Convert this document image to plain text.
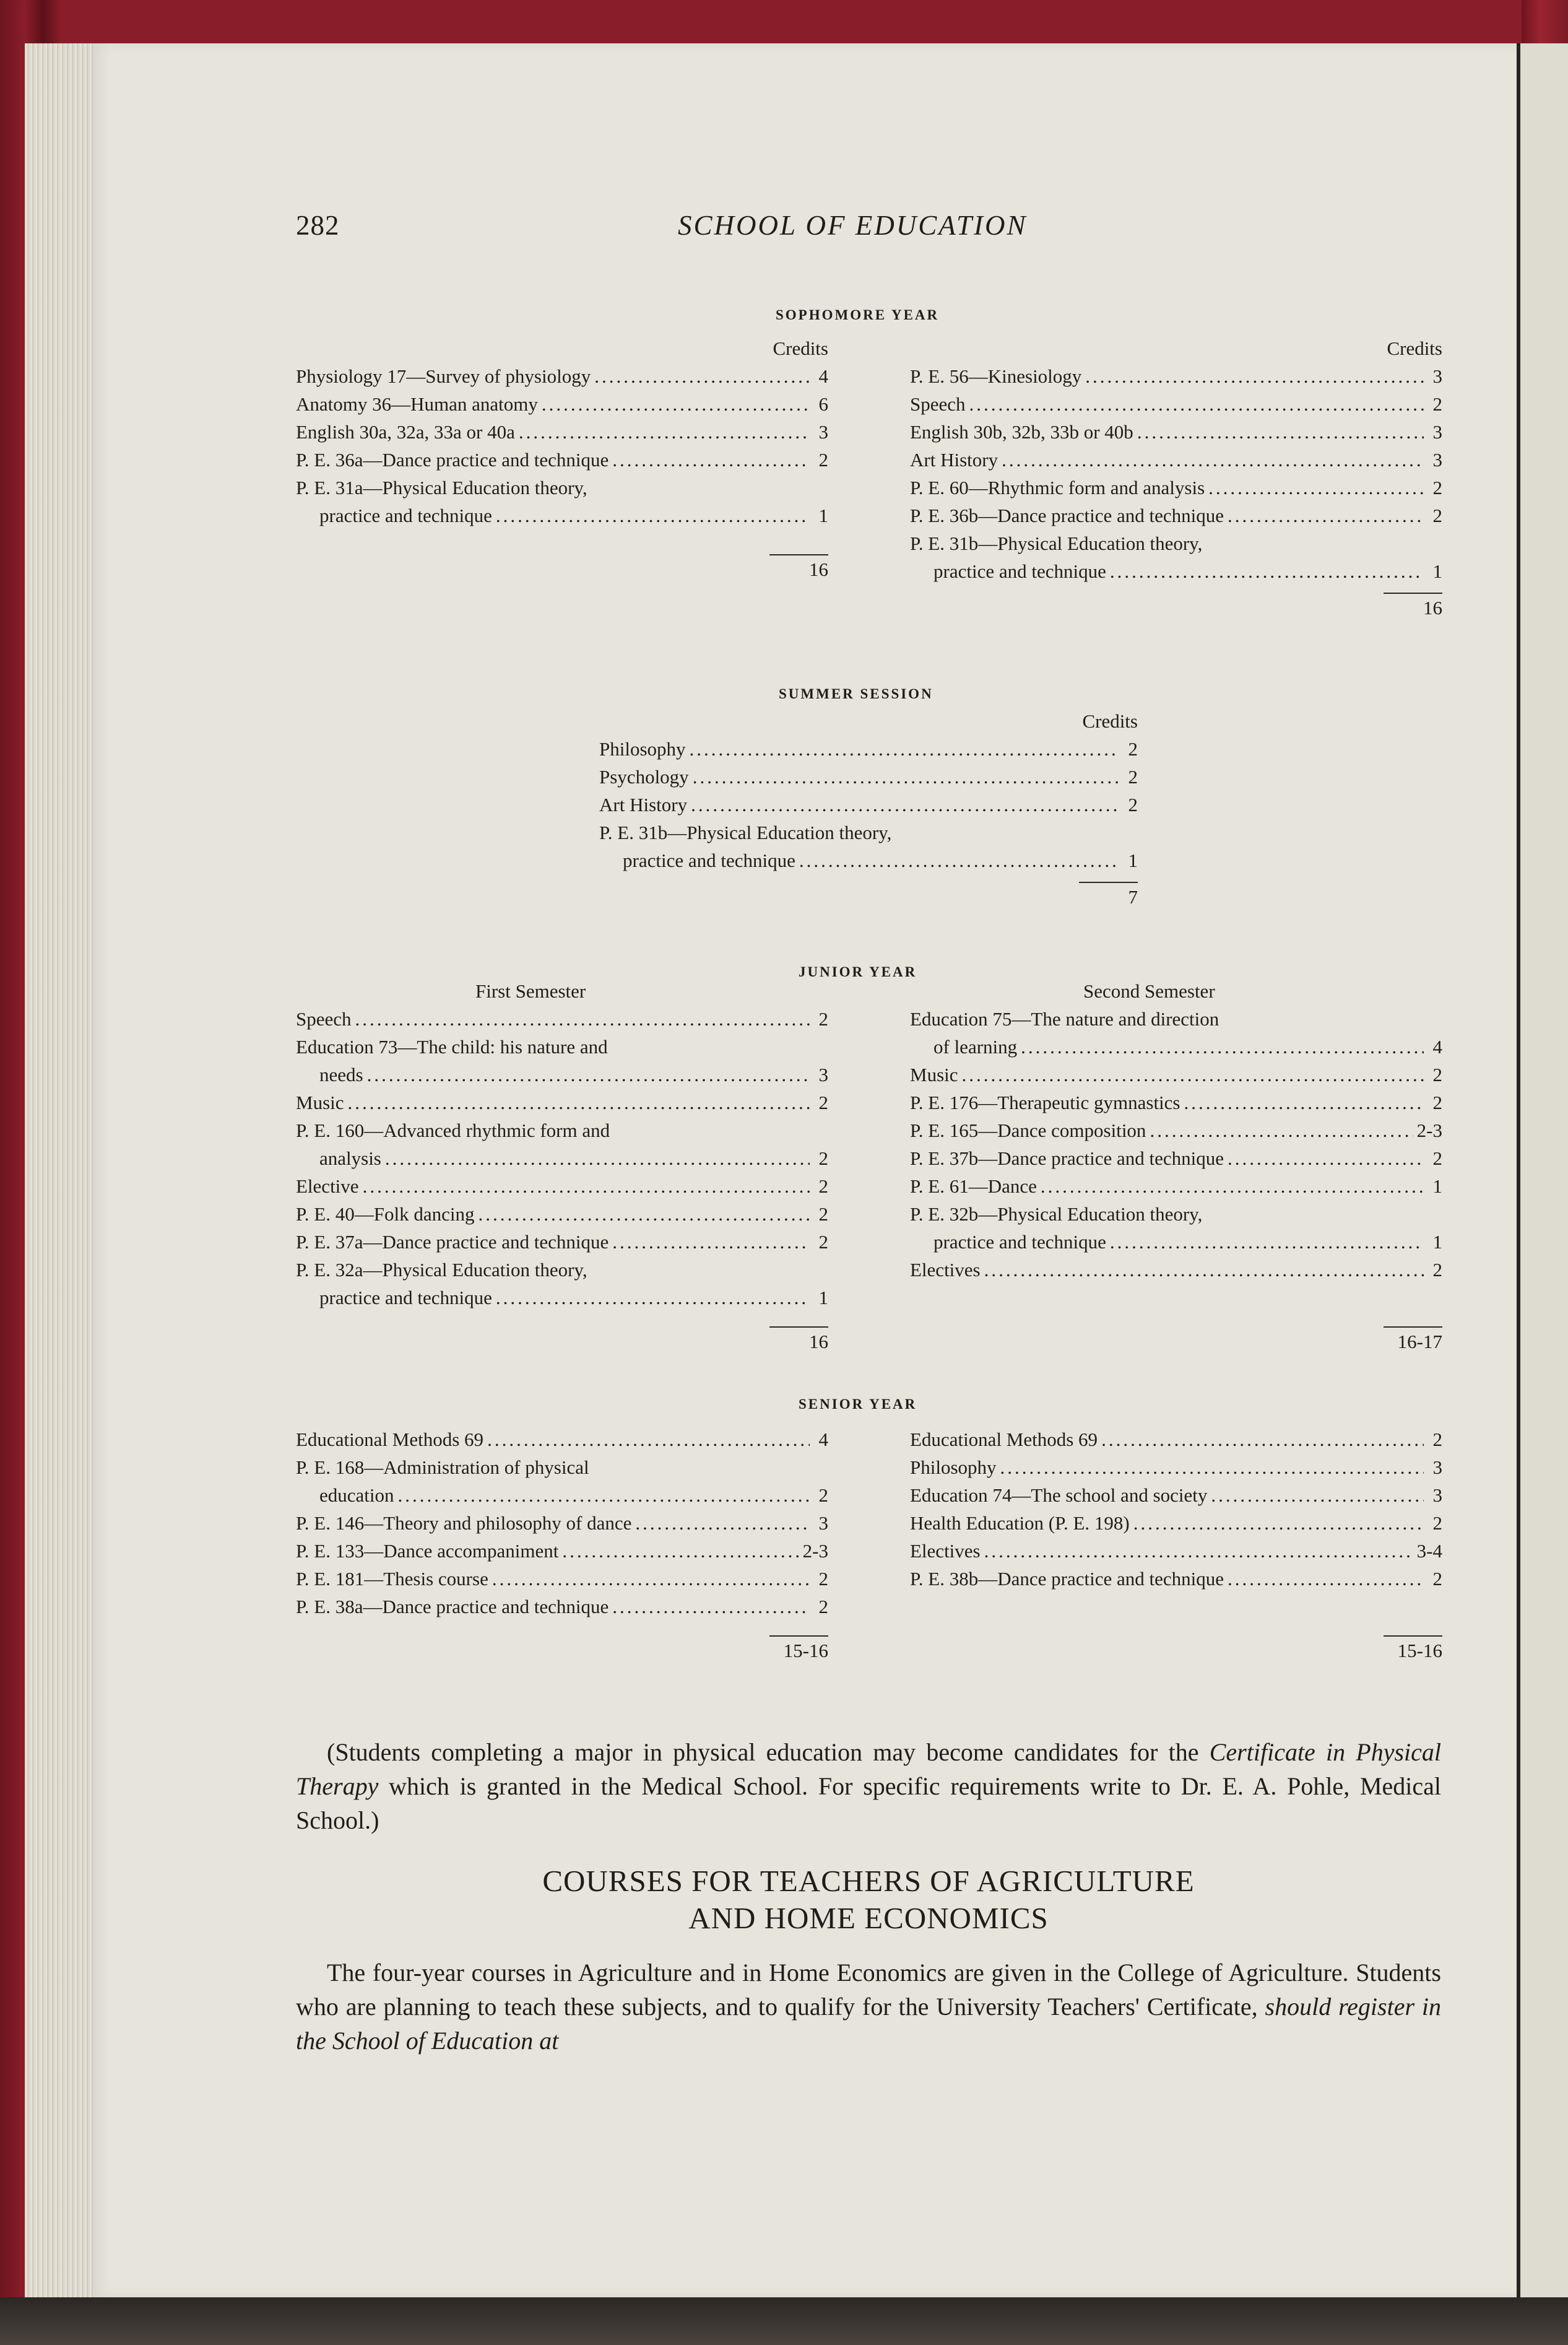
282	SCHOOL OF EDUCATION
SOPHOMORE YEAR
Credits
Physiology 17—Survey of physiology .....	4
Anatomy 36—Human anatomy .....	6
English 30a, 32a, 33a or 40a .....	3
P. E. 36a—Dance practice and technique .....	2
P. E. 31a—Physical Education theory,
practice and technique .....	1
16
Credits
P. E. 56—Kinesiology .....	3
Speech .....	2
English 30b, 32b, 33b or 40b .....	3
Art History .....	3
P. E. 60—Rhythmic form and analysis .....	2
P. E. 36b—Dance practice and technique .....	2
P. E. 31b—Physical Education theory,
practice and technique .....	1
16
SUMMER SESSION
Credits
Philosophy .....	2
Psychology .....	2
Art History .....	2
P. E. 31b—Physical Education theory,
practice and technique .....	1
7
JUNIOR YEAR
First Semester
Speech .....	2
Education 73—The child: his nature and
needs .....	3
Music .....	2
P. E. 160—Advanced rhythmic form and
analysis .....	2
Elective .....	2
P. E. 40—Folk dancing .....	2
P. E. 37a—Dance practice and technique .....	2
P. E. 32a—Physical Education theory,
practice and technique .....	1
16
Second Semester
Education 75—The nature and direction
of learning .....	4
Music .....	2
P. E. 176—Therapeutic gymnastics .....	2
P. E. 165—Dance composition .....	2-3
P. E. 37b—Dance practice and technique .....	2
P. E. 61—Dance .....	1
P. E. 32b—Physical Education theory,
practice and technique .....	1
Electives .....	2
16-17
SENIOR YEAR
Educational Methods 69 .....	4
P. E. 168—Administration of physical
education .....	2
P. E. 146—Theory and philosophy of dance .....	3
P. E. 133—Dance accompaniment .....	2-3
P. E. 181—Thesis course .....	2
P. E. 38a—Dance practice and technique .....	2
15-16
Educational Methods 69 .....	2
Philosophy .....	3
Education 74—The school and society .....	3
Health Education (P. E. 198) .....	2
Electives .....	3-4
P. E. 38b—Dance practice and technique .....	2
15-16

(Students completing a major in physical education may become candidates for the Certificate in Physical Therapy which is granted in the Medical School. For specific requirements write to Dr. E. A. Pohle, Medical School.)

COURSES FOR TEACHERS OF AGRICULTURE
AND HOME ECONOMICS

The four-year courses in Agriculture and in Home Economics are given in the College of Agriculture. Students who are planning to teach these subjects, and to qualify for the University Teachers' Certificate, should register in the School of Education at
